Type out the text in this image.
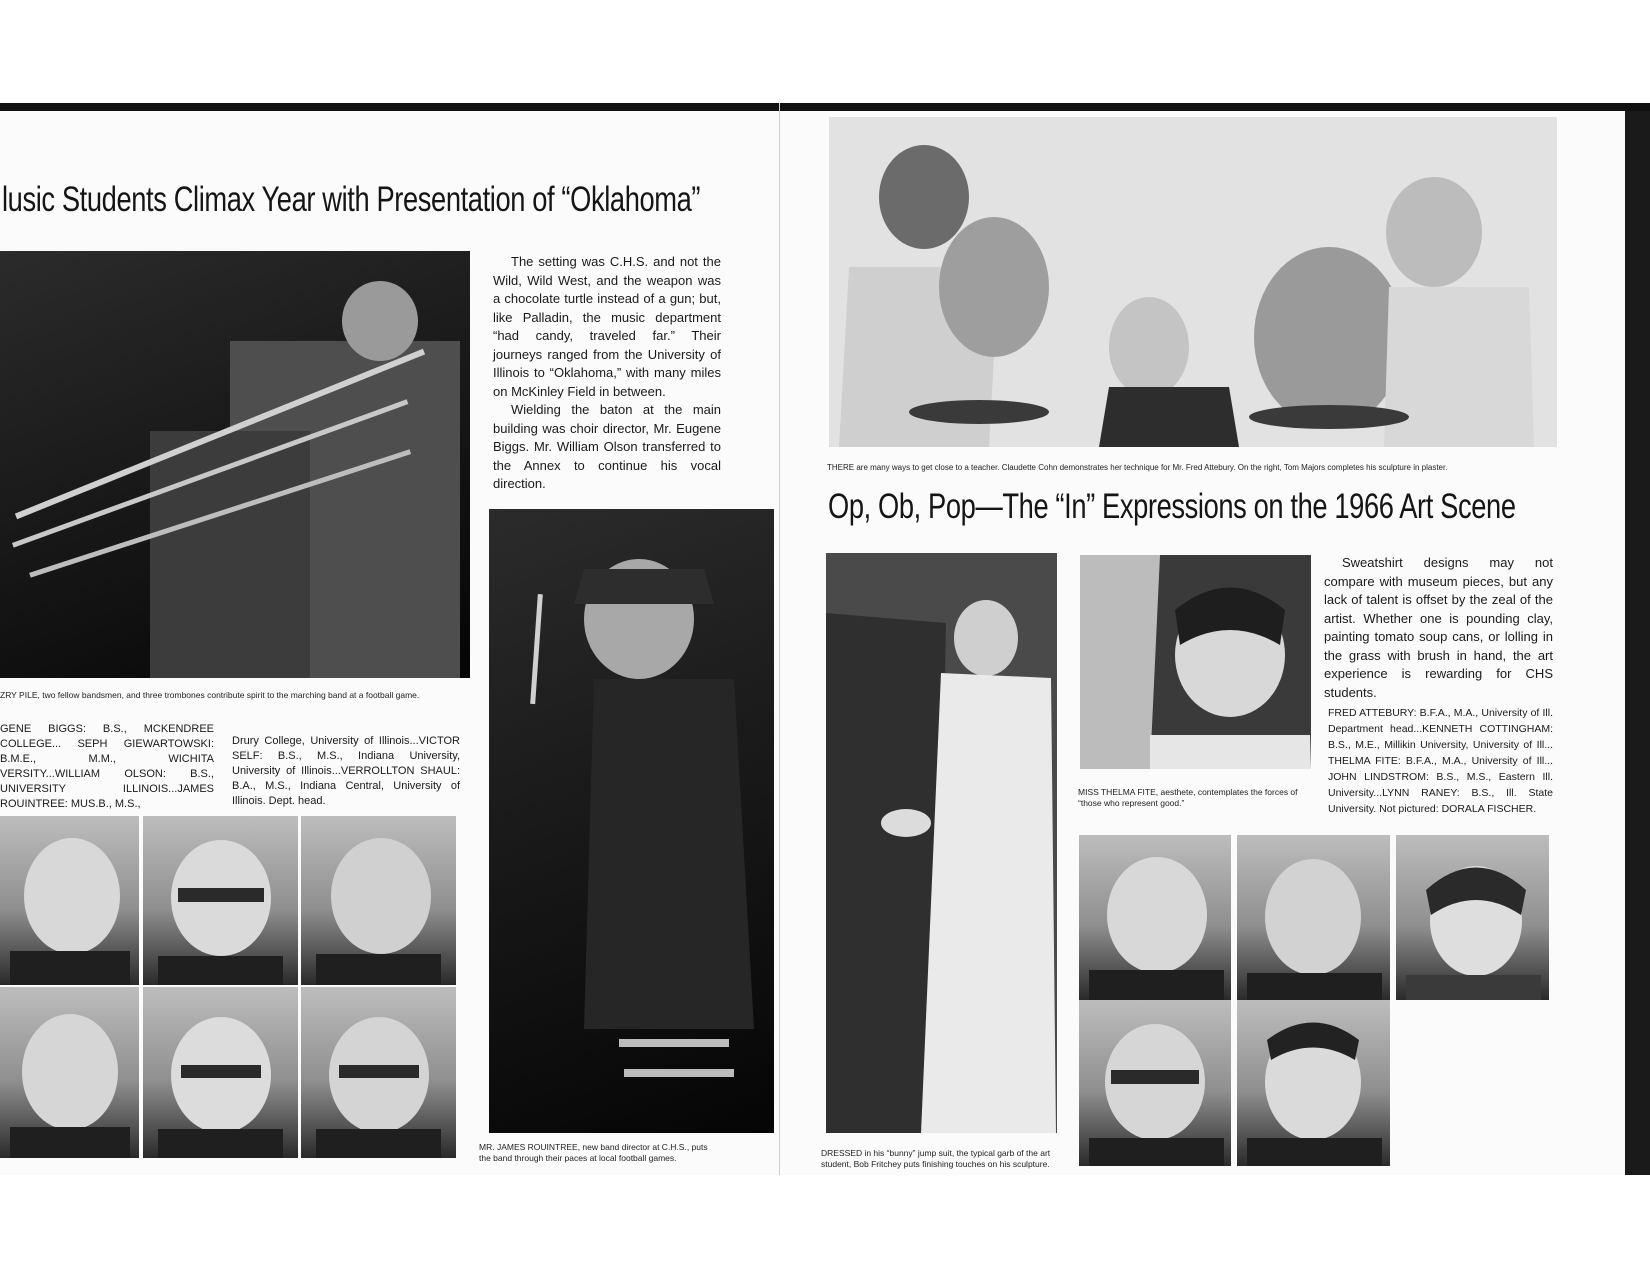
lusic Students Climax Year with Presentation of “Oklahoma”
ZRY PILE, two fellow bandsmen, and three trombones contribute spirit to the marching band at a football game.

The setting was C.H.S. and not the Wild, Wild West, and the weapon was a chocolate turtle instead of a gun; but, like Palladin, the music department “had candy, traveled far.” Their journeys ranged from the University of Illinois to “Oklahoma,” with many miles on McKinley Field in between.

Wielding the baton at the main building was choir director, Mr. Eugene Biggs. Mr. William Olson transferred to the Annex to continue his vocal direction.

GENE BIGGS: B.S., MCKENDREE COLLEGE... SEPH GIEWARTOWSKI: B.M.E., M.M., WICHITA VERSITY...WILLIAM OLSON: B.S., UNIVERSITY ILLINOIS...JAMES ROUINTREE: MUS.B., M.S.,
Drury College, University of Illinois...VICTOR SELF: B.S., M.S., Indiana University, University of Illinois...VERROLLTON SHAUL: B.A., M.S., Indiana Central, University of Illinois. Dept. head.
MR. JAMES ROUINTREE, new band director at C.H.S., puts the band through their paces at local football games.
THERE are many ways to get close to a teacher. Claudette Cohn demonstrates her technique for Mr. Fred Attebury. On the right, Tom Majors completes his sculpture in plaster.
Op, Ob, Pop—The “In” Expressions on the 1966 Art Scene
DRESSED in his “bunny” jump suit, the typical garb of the art student, Bob Fritchey puts finishing touches on his sculpture.
MISS THELMA FITE, aesthete, contemplates the forces of “those who represent good.”

Sweatshirt designs may not compare with museum pieces, but any lack of talent is offset by the zeal of the artist. Whether one is pounding clay, painting tomato soup cans, or lolling in the grass with brush in hand, the art experience is rewarding for CHS students.

FRED ATTEBURY: B.F.A., M.A., University of Ill. Department head...KENNETH COTTINGHAM: B.S., M.E., Millikin University, University of Ill... THELMA FITE: B.F.A., M.A., University of Ill... JOHN LINDSTROM: B.S., M.S., Eastern Ill. University...LYNN RANEY: B.S., Ill. State University. Not pictured: DORALA FISCHER.
